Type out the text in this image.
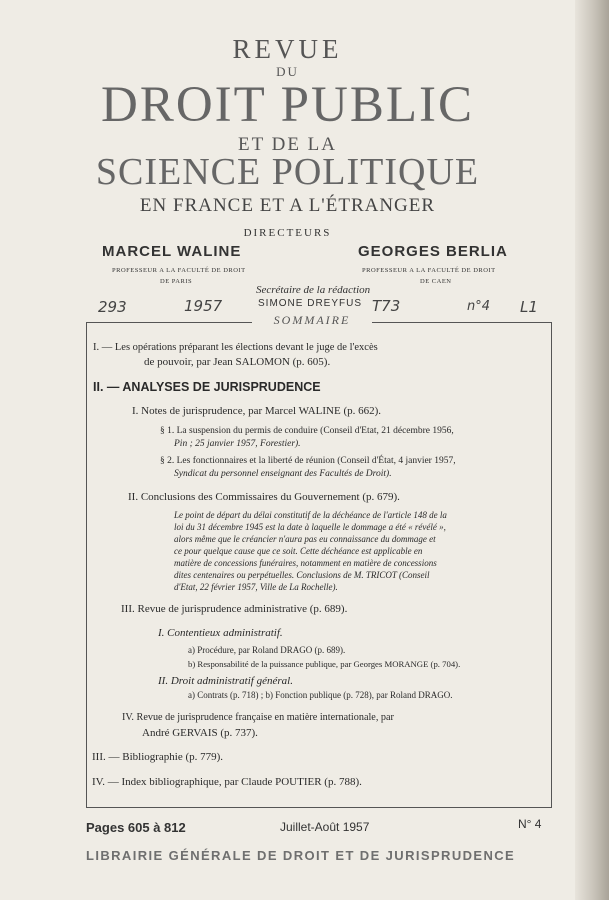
REVUE
DU
DROIT PUBLIC
ET DE LA
SCIENCE POLITIQUE
EN FRANCE ET A L'ÉTRANGER
DIRECTEURS
MARCEL WALINE
PROFESSEUR A LA FACULTÉ DE DROIT
DE PARIS
GEORGES BERLIA
PROFESSEUR A LA FACULTÉ DE DROIT
DE CAEN
Secrétaire de la rédaction
SIMONE DREYFUS
293	1957	T73	n°4 L1
SOMMAIRE
I. — Les opérations préparant les élections devant le juge de l'excès
de pouvoir, par Jean SALOMON (p. 605).
II. — ANALYSES DE JURISPRUDENCE
I. Notes de jurisprudence, par Marcel WALINE (p. 662).
§ 1. La suspension du permis de conduire (Conseil d'Etat, 21 décembre 1956,
Pin ; 25 janvier 1957, Forestier).
§ 2. Les fonctionnaires et la liberté de réunion (Conseil d'État, 4 janvier 1957,
Syndicat du personnel enseignant des Facultés de Droit).
II. Conclusions des Commissaires du Gouvernement (p. 679).
Le point de départ du délai constitutif de la déchéance de l'article 148 de la
loi du 31 décembre 1945 est la date à laquelle le dommage a été « révélé »,
alors même que le créancier n'aura pas eu connaissance du dommage et
ce pour quelque cause que ce soit. Cette déchéance est applicable en
matière de concessions funéraires, notamment en matière de concessions
dites centenaires ou perpétuelles. Conclusions de M. TRICOT (Conseil
d'Etat, 22 février 1957, Ville de La Rochelle).
III. Revue de jurisprudence administrative (p. 689).
I. Contentieux administratif.
a) Procédure, par Roland DRAGO (p. 689).
b) Responsabilité de la puissance publique, par Georges MORANGE (p. 704).
II. Droit administratif général.
a) Contrats (p. 718) ; b) Fonction publique (p. 728), par Roland DRAGO.
IV. Revue de jurisprudence française en matière internationale, par
André GERVAIS (p. 737).
III. — Bibliographie (p. 779).
IV. — Index bibliographique, par Claude POUTIER (p. 788).
Pages 605 à 812	Juillet-Août 1957	N° 4
LIBRAIRIE GÉNÉRALE DE DROIT ET DE JURISPRUDENCE
